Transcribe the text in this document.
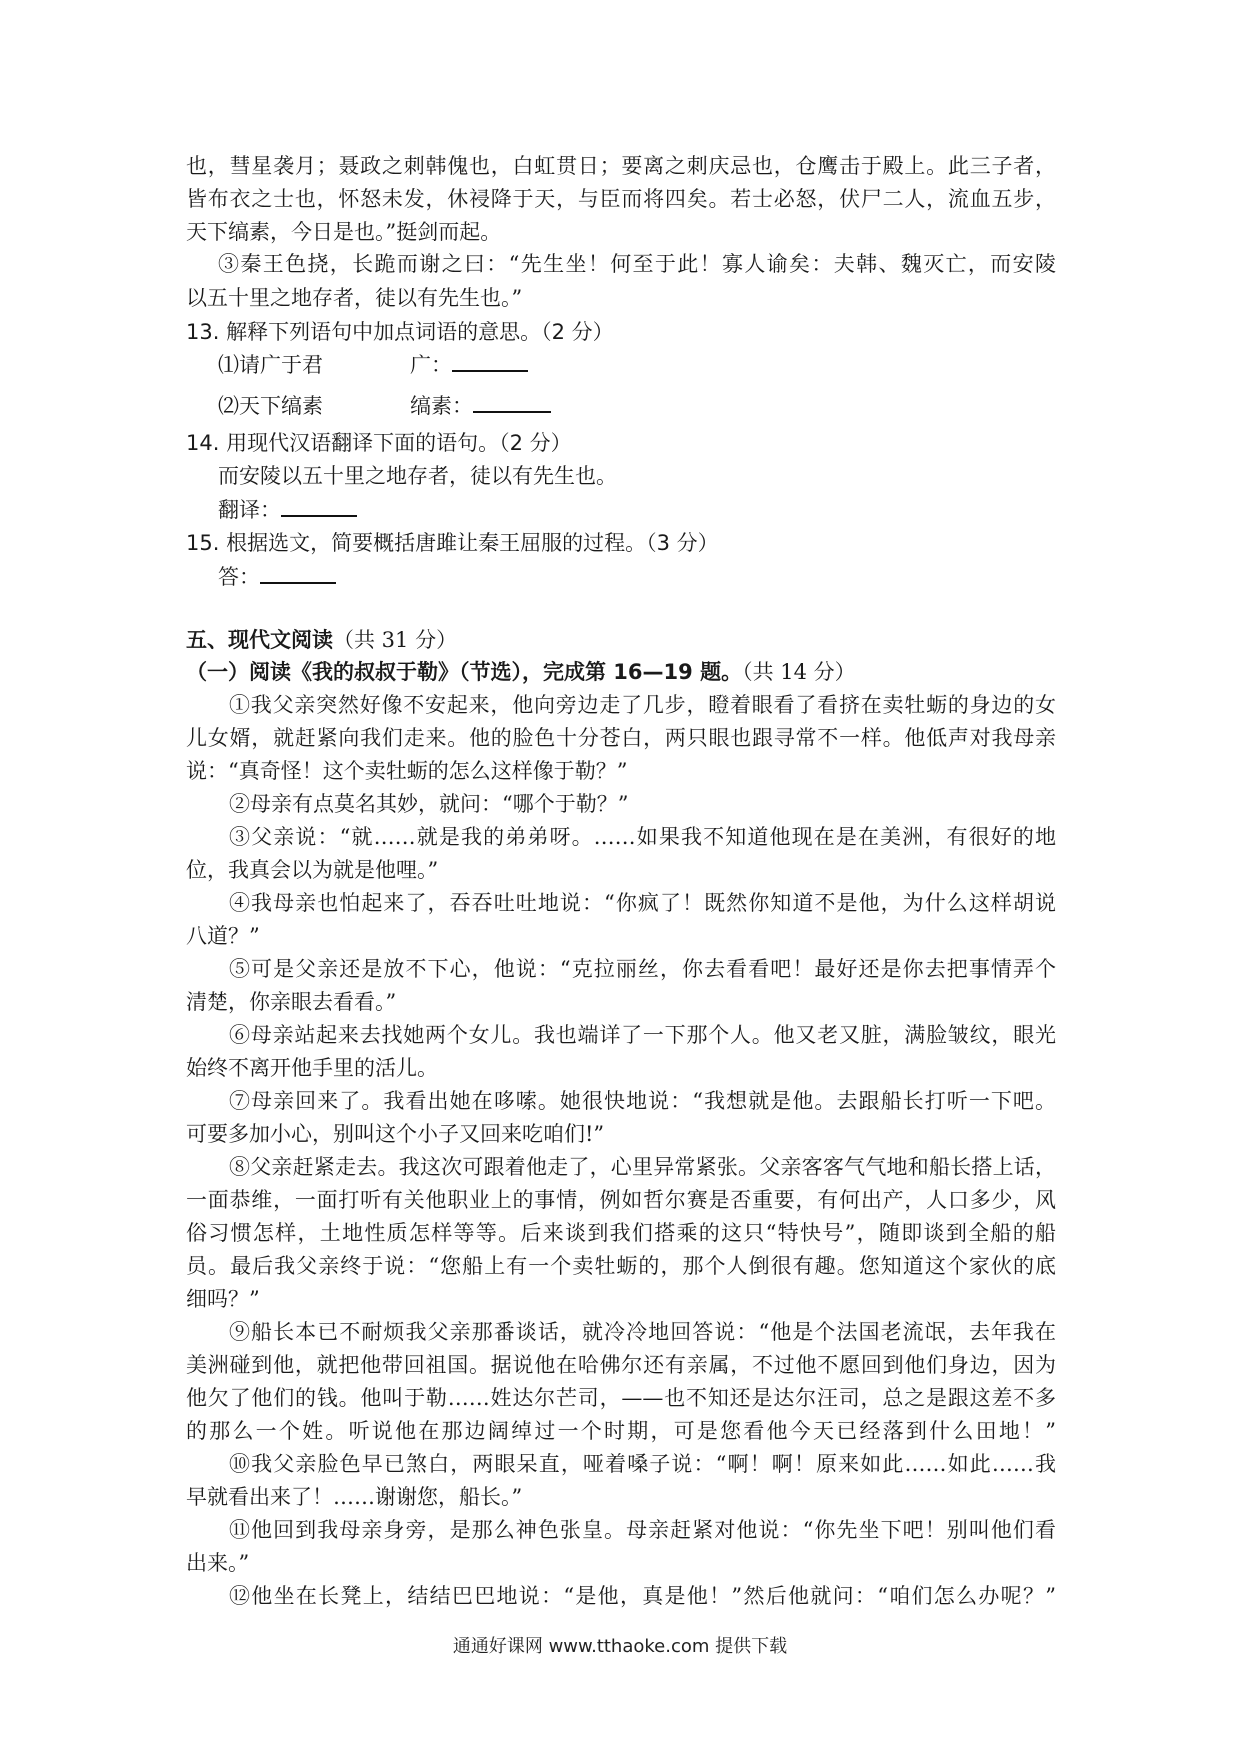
也，彗星袭月；聂政之刺韩傀也，白虹贯日；要离之刺庆忌也，仓鹰击于殿上。此三子者，
皆布衣之士也，怀怒未发，休祲降于天，与臣而将四矣。若士必怒，伏尸二人，流血五步，
天下缟素，今日是也。”挺剑而起。
③秦王色挠，长跪而谢之曰：“先生坐！何至于此！寡人谕矣：夫韩、魏灭亡，而安陵
以五十里之地存者，徒以有先生也。”
13. 解释下列语句中加点词语的意思。（2 分）
⑴请广于君	广：
⑵天下缟素	缟素：
14. 用现代汉语翻译下面的语句。（2 分）
而安陵以五十里之地存者，徒以有先生也。
翻译：
15. 根据选文，简要概括唐雎让秦王屈服的过程。（3 分）
答：
五、现代文阅读（共 31 分）
（一）阅读《我的叔叔于勒》（节选），完成第 16—19 题。（共 14 分）
①我父亲突然好像不安起来，他向旁边走了几步，瞪着眼看了看挤在卖牡蛎的身边的女
儿女婿，就赶紧向我们走来。他的脸色十分苍白，两只眼也跟寻常不一样。他低声对我母亲
说：“真奇怪！这个卖牡蛎的怎么这样像于勒？”
②母亲有点莫名其妙，就问：“哪个于勒？”
③父亲说：“就……就是我的弟弟呀。……如果我不知道他现在是在美洲，有很好的地
位，我真会以为就是他哩。”
④我母亲也怕起来了，吞吞吐吐地说：“你疯了！既然你知道不是他，为什么这样胡说
八道？”
⑤可是父亲还是放不下心，他说：“克拉丽丝，你去看看吧！最好还是你去把事情弄个
清楚，你亲眼去看看。”
⑥母亲站起来去找她两个女儿。我也端详了一下那个人。他又老又脏，满脸皱纹，眼光
始终不离开他手里的活儿。
⑦母亲回来了。我看出她在哆嗦。她很快地说：“我想就是他。去跟船长打听一下吧。
可要多加小心，别叫这个小子又回来吃咱们!”
⑧父亲赶紧走去。我这次可跟着他走了，心里异常紧张。父亲客客气气地和船长搭上话，
一面恭维，一面打听有关他职业上的事情，例如哲尔赛是否重要，有何出产，人口多少，风
俗习惯怎样，土地性质怎样等等。后来谈到我们搭乘的这只“特快号”，随即谈到全船的船
员。最后我父亲终于说：“您船上有一个卖牡蛎的，那个人倒很有趣。您知道这个家伙的底
细吗？”
⑨船长本已不耐烦我父亲那番谈话，就冷冷地回答说：“他是个法国老流氓，去年我在
美洲碰到他，就把他带回祖国。据说他在哈佛尔还有亲属，不过他不愿回到他们身边，因为
他欠了他们的钱。他叫于勒……姓达尔芒司，——也不知还是达尔汪司，总之是跟这差不多
的那么一个姓。听说他在那边阔绰过一个时期，可是您看他今天已经落到什么田地！”
⑩我父亲脸色早已煞白，两眼呆直，哑着嗓子说：“啊！啊！原来如此……如此……我
早就看出来了！……谢谢您，船长。”
⑪他回到我母亲身旁，是那么神色张皇。母亲赶紧对他说：“你先坐下吧！别叫他们看
出来。”
⑫他坐在长凳上，结结巴巴地说：“是他，真是他！”然后他就问：“咱们怎么办呢？”
通通好课网 www.tthaoke.com 提供下载
